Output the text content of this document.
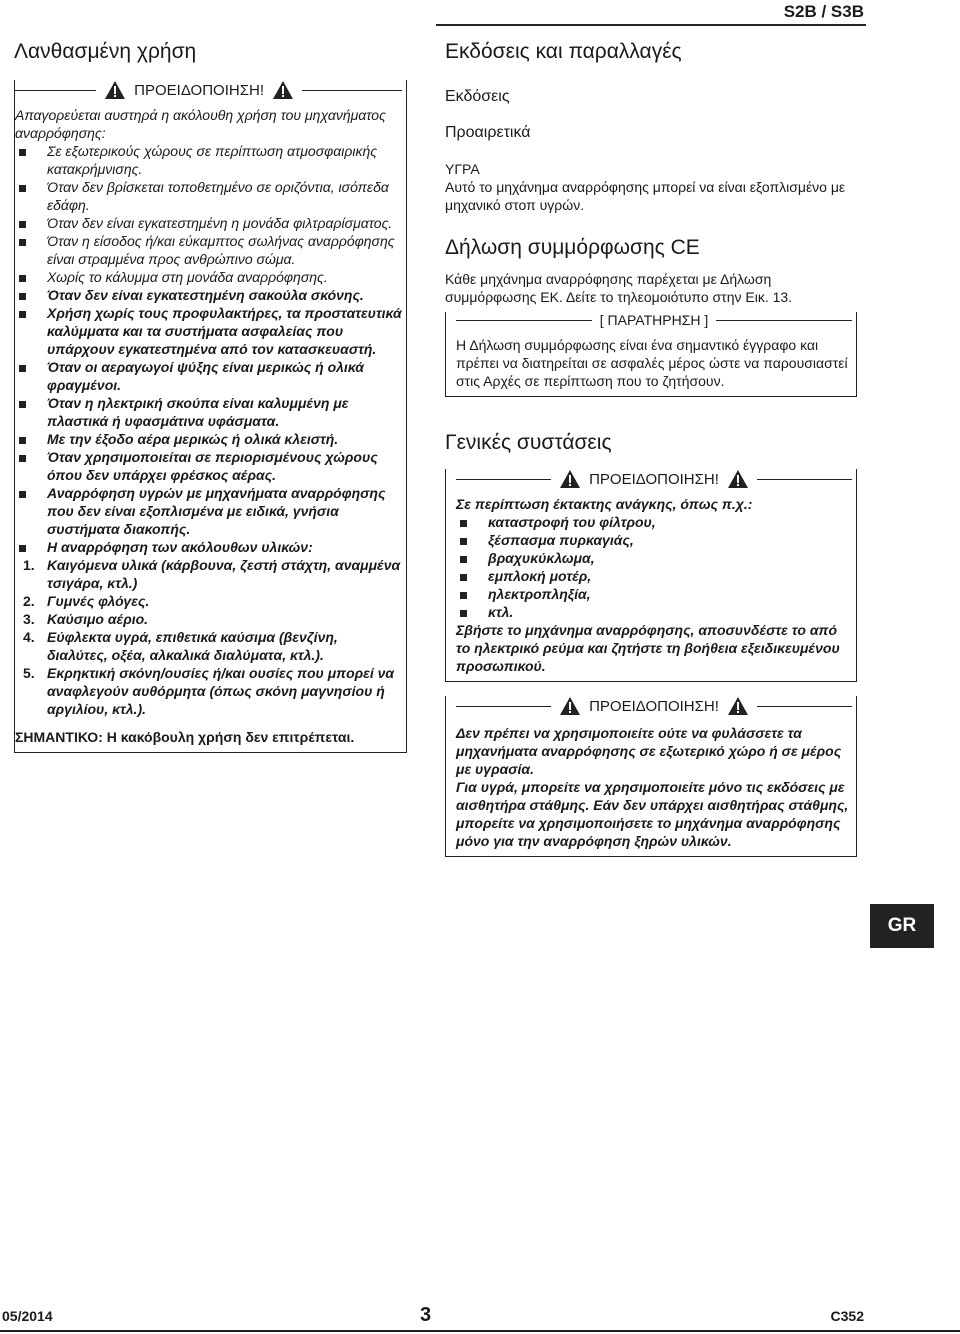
S2B / S3B
Λανθασμένη χρήση
ΠΡΟΕΙΔΟΠΟΙΗΣΗ!
Απαγορεύεται αυστηρά η ακόλουθη χρήση του μηχανήματος αναρρόφησης:
Σε εξωτερικούς χώρους σε περίπτωση ατμοσφαιρικής κατακρήμνισης.
Όταν δεν βρίσκεται τοποθετημένο σε οριζόντια, ισόπεδα εδάφη.
Όταν δεν είναι εγκατεστημένη η μονάδα φιλτραρίσματος.
Όταν η είσοδος ή/και εύκαμπτος σωλήνας αναρρόφησης είναι στραμμένα προς ανθρώπινο σώμα.
Χωρίς το κάλυμμα στη μονάδα αναρρόφησης.
Όταν δεν είναι εγκατεστημένη σακούλα σκόνης.
Χρήση χωρίς τους προφυλακτήρες, τα προστατευτικά καλύμματα και τα συστήματα ασφαλείας που υπάρχουν εγκατεστημένα από τον κατασκευαστή.
Όταν οι αεραγωγοί ψύξης είναι μερικώς ή ολικά φραγμένοι.
Όταν η ηλεκτρική σκούπα είναι καλυμμένη με πλαστικά ή υφασμάτινα υφάσματα.
Με την έξοδο αέρα μερικώς ή ολικά κλειστή.
Όταν χρησιμοποιείται σε περιορισμένους χώρους όπου δεν υπάρχει φρέσκος αέρας.
Αναρρόφηση υγρών με μηχανήματα αναρρόφησης που δεν είναι εξοπλισμένα με ειδικά, γνήσια συστήματα διακοπής.
Η αναρρόφηση των ακόλουθων υλικών:
1. Καιγόμενα υλικά (κάρβουνα, ζεστή στάχτη, αναμμένα τσιγάρα, κτλ.)
2. Γυμνές φλόγες.
3. Καύσιμο αέριο.
4. Εύφλεκτα υγρά, επιθετικά καύσιμα (βενζίνη, διαλύτες, οξέα, αλκαλικά διαλύματα, κτλ.).
5. Εκρηκτική σκόνη/ουσίες ή/και ουσίες που μπορεί να αναφλεγούν αυθόρμητα (όπως σκόνη μαγνησίου ή αργιλίου, κτλ.).
ΣΗΜΑΝΤΙΚΟ: Η κακόβουλη χρήση δεν επιτρέπεται.
Εκδόσεις και παραλλαγές
Εκδόσεις
Προαιρετικά
ΥΓΡΑ
Αυτό το μηχάνημα αναρρόφησης μπορεί να είναι εξοπλισμένο με μηχανικό στοπ υγρών.
Δήλωση συμμόρφωσης CE
Κάθε μηχάνημα αναρρόφησης παρέχεται με Δήλωση συμμόρφωσης ΕΚ. Δείτε το τηλεομοιότυπο στην Εικ. 13.
[ ΠΑΡΑΤΗΡΗΣΗ ]
Η Δήλωση συμμόρφωσης είναι ένα σημαντικό έγγραφο και πρέπει να διατηρείται σε ασφαλές μέρος ώστε να παρουσιαστεί στις Αρχές σε περίπτωση που το ζητήσουν.
Γενικές συστάσεις
ΠΡΟΕΙΔΟΠΟΙΗΣΗ!
Σε περίπτωση έκτακτης ανάγκης, όπως π.χ.:
καταστροφή του φίλτρου,
ξέσπασμα πυρκαγιάς,
βραχυκύκλωμα,
εμπλοκή μοτέρ,
ηλεκτροπληξία,
κτλ.
Σβήστε το μηχάνημα αναρρόφησης, αποσυνδέστε το από το ηλεκτρικό ρεύμα και ζητήστε τη βοήθεια εξειδικευμένου προσωπικού.
ΠΡΟΕΙΔΟΠΟΙΗΣΗ!
Δεν πρέπει να χρησιμοποιείτε ούτε να φυλάσσετε τα μηχανήματα αναρρόφησης σε εξωτερικό χώρο ή σε μέρος με υγρασία.
Για υγρά, μπορείτε να χρησιμοποιείτε μόνο τις εκδόσεις με αισθητήρα στάθμης. Εάν δεν υπάρχει αισθητήρας στάθμης, μπορείτε να χρησιμοποιήσετε το μηχάνημα αναρρόφησης μόνο για την αναρρόφηση ξηρών υλικών.
GR
05/2014	3	C352
